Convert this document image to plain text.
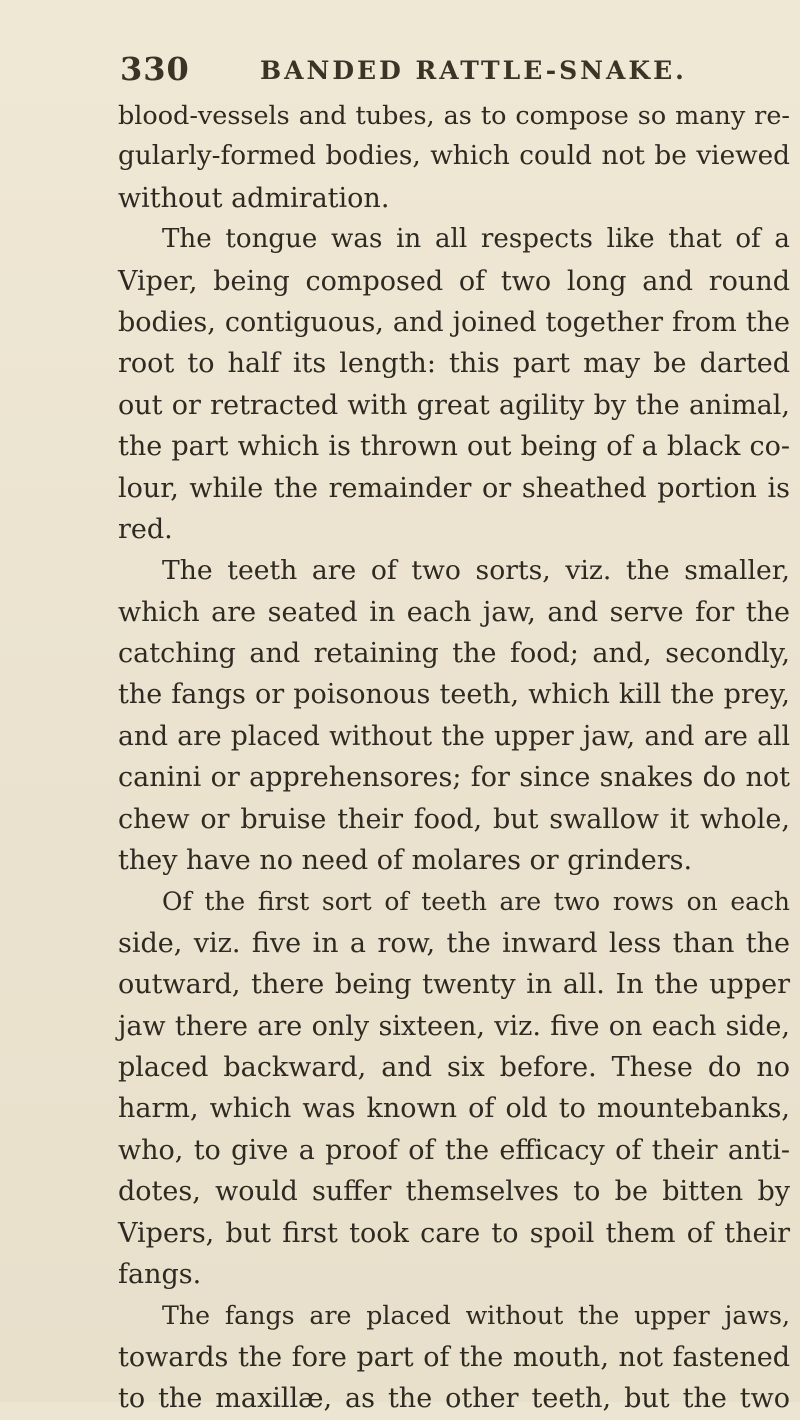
330	BANDED RATTLE-SNAKE.
blood-vessels and tubes, as to compose so many re-
gularly-formed bodies, which could not be viewed
without admiration.
The tongue was in all respects like that of a
Viper, being composed of two long and round
bodies, contiguous, and joined together from the
root to half its length: this part may be darted
out or retracted with great agility by the animal,
the part which is thrown out being of a black co-
lour, while the remainder or sheathed portion is
red.
The teeth are of two sorts, viz. the smaller,
which are seated in each jaw, and serve for the
catching and retaining the food; and, secondly,
the fangs or poisonous teeth, which kill the prey,
and are placed without the upper jaw, and are all
canini or apprehensores; for since snakes do not
chew or bruise their food, but swallow it whole,
they have no need of molares or grinders.
Of the first sort of teeth are two rows on each
side, viz. five in a row, the inward less than the
outward, there being twenty in all. In the upper
jaw there are only sixteen, viz. five on each side,
placed backward, and six before. These do no
harm, which was known of old to mountebanks,
who, to give a proof of the efficacy of their anti-
dotes, would suffer themselves to be bitten by
Vipers, but first took care to spoil them of their
fangs.
The fangs are placed without the upper jaws,
towards the fore part of the mouth, not fastened
to the maxillæ, as the other teeth, but the two
